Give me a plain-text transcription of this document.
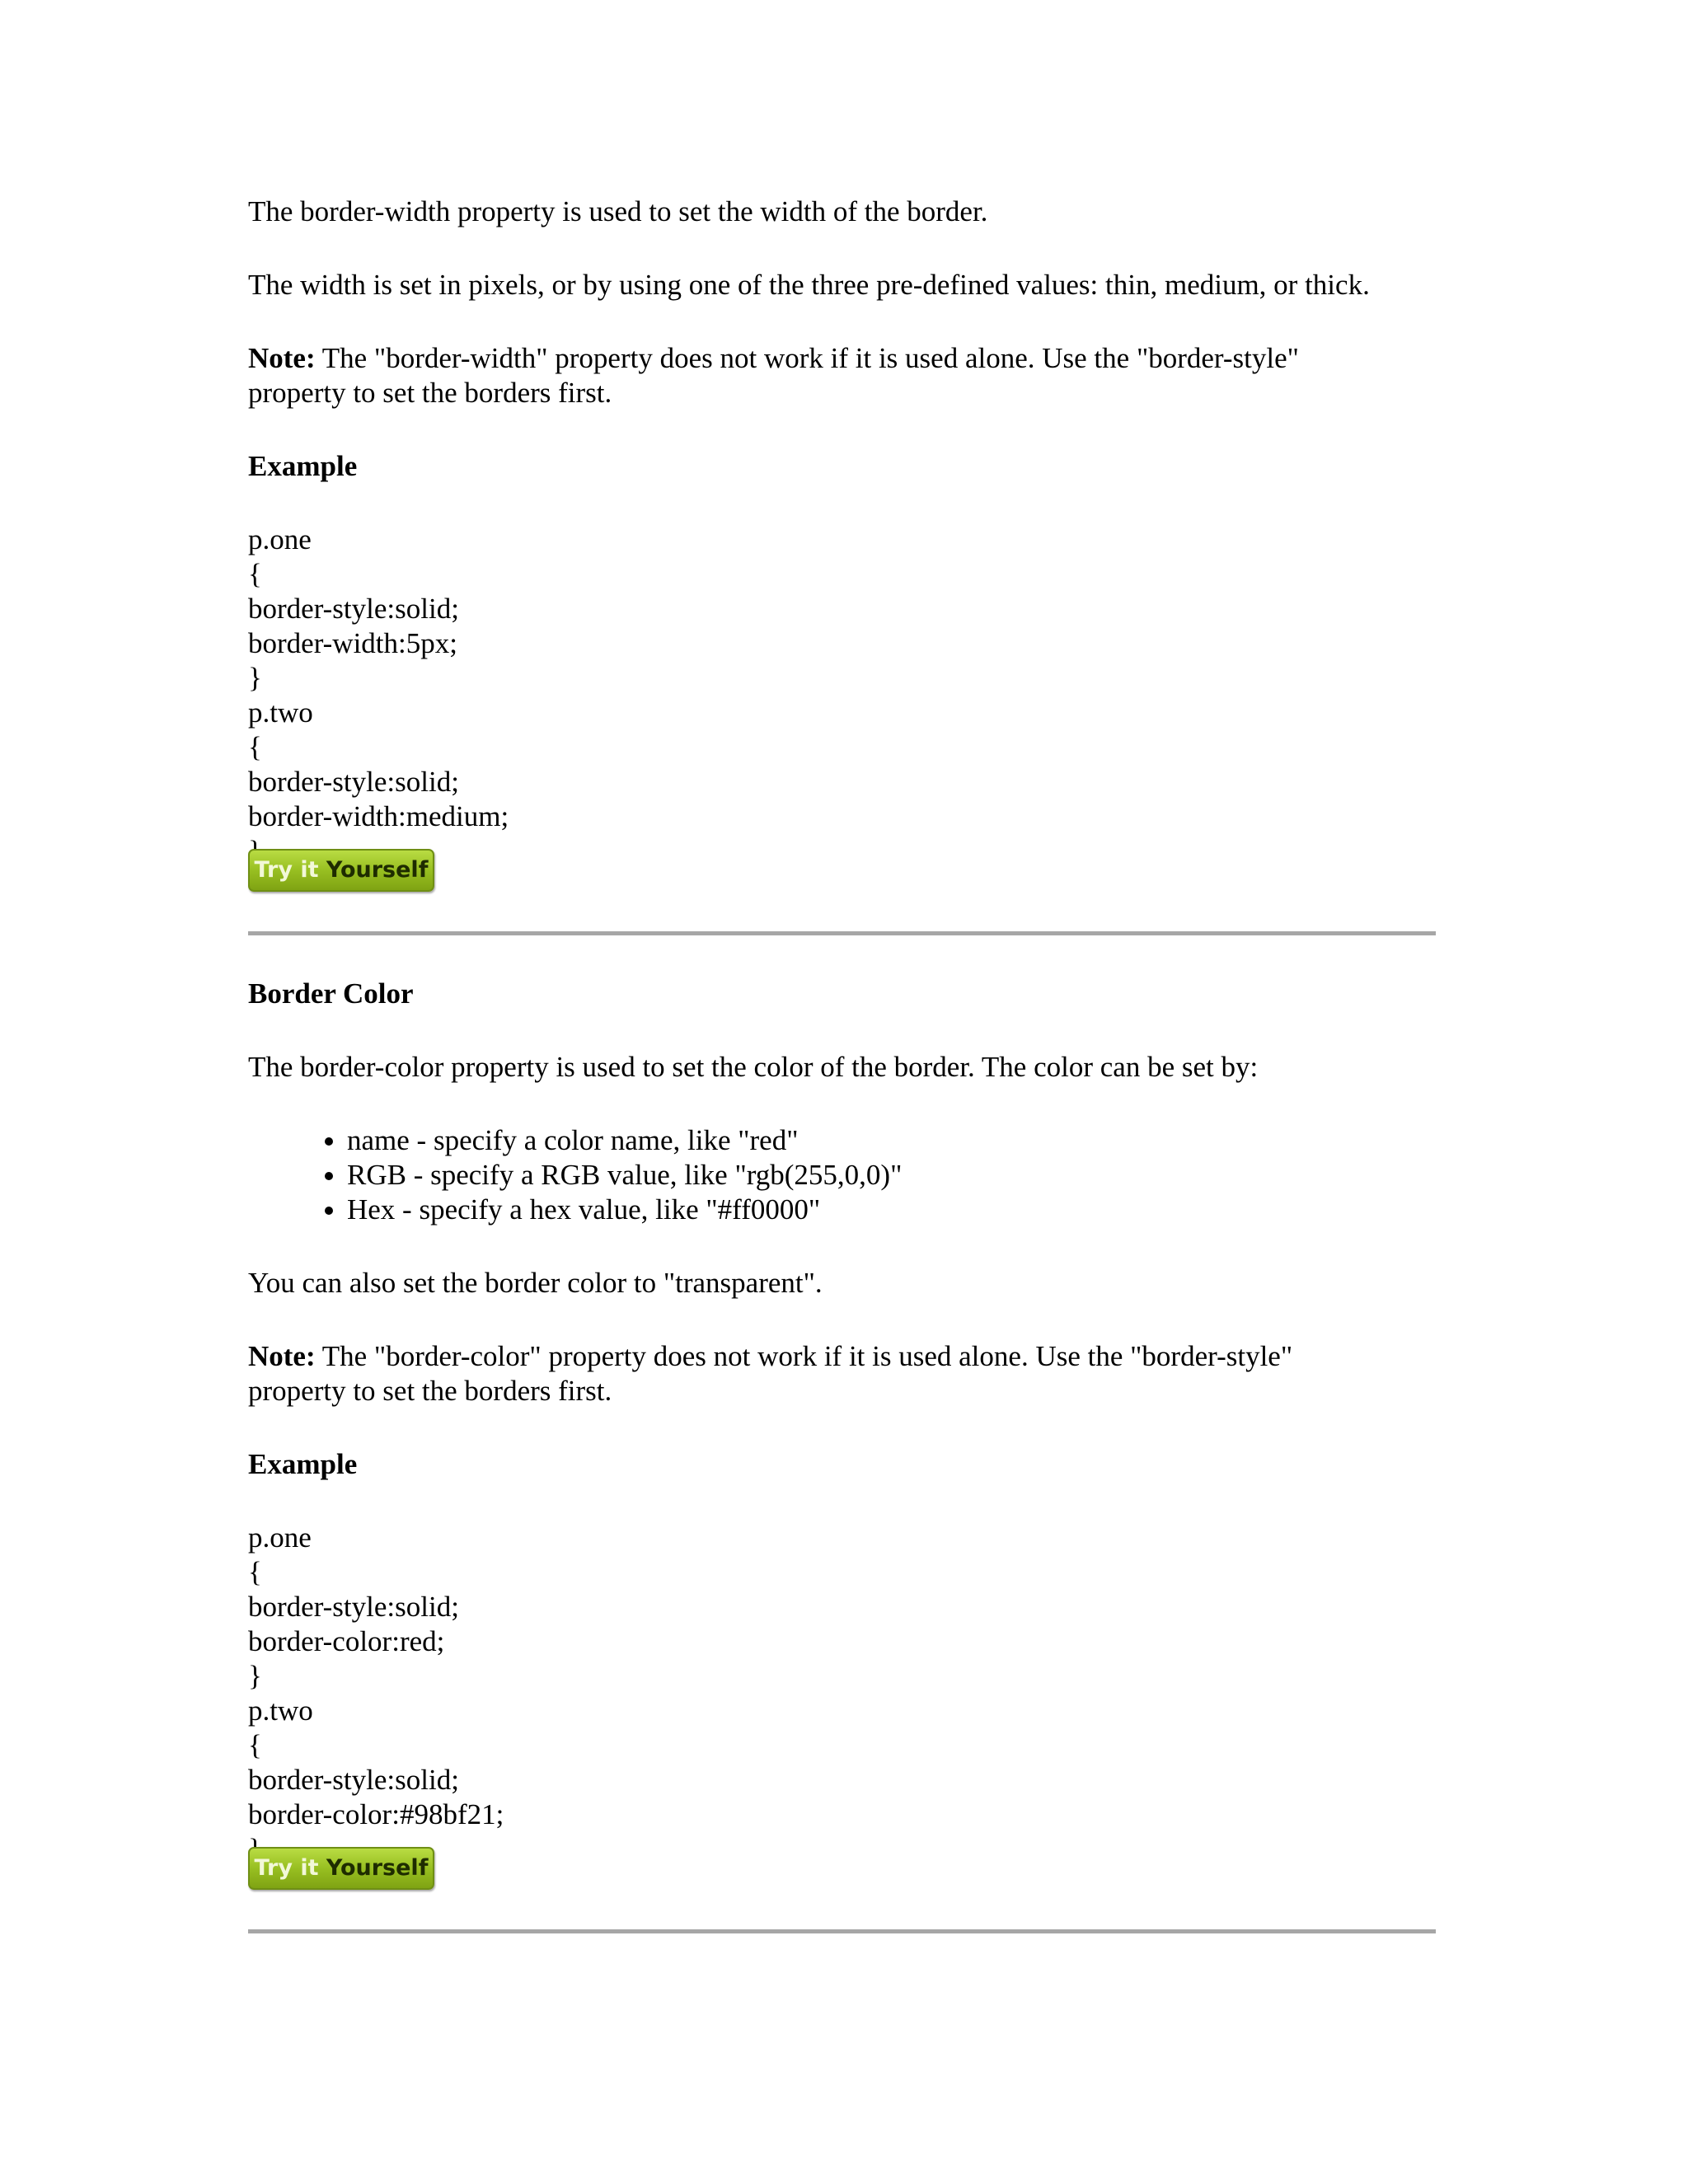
The border-width property is used to set the width of the border.

The width is set in pixels, or by using one of the three pre-defined values: thin, medium, or thick.

Note: The "border-width" property does not work if it is used alone. Use the "border-style"
property to set the borders first.

Example
p.one
{
border-style:solid;
border-width:5px;
}
p.two
{
border-style:solid;
border-width:medium;
Try it Yourself
Border Color

The border-color property is used to set the color of the border. The color can be set by:

• name - specify a color name, like "red"
• RGB - specify a RGB value, like "rgb(255,0,0)"
• Hex - specify a hex value, like "#ff0000"

You can also set the border color to "transparent".

Note: The "border-color" property does not work if it is used alone. Use the "border-style"
property to set the borders first.

Example
p.one
{
border-style:solid;
border-color:red;
}
p.two
{
border-style:solid;
border-color:#98bf21;
Try it Yourself
